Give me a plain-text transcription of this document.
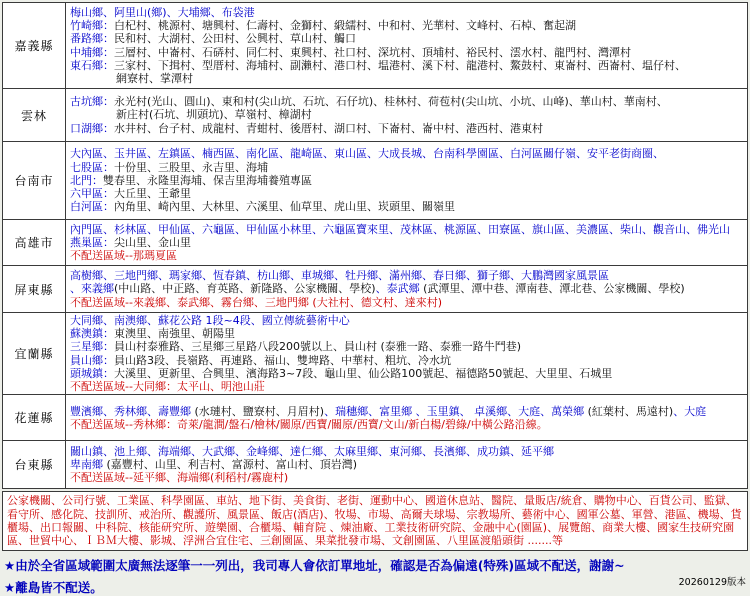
嘉義縣	
梅山鄉、阿里山(鄉)、大埔鄉、布袋港
竹崎鄉：白杞村、桃源村、塘興村、仁壽村、金獅村、緞繻村、中和村、光華村、文峰村、石棹、奮起湖
番路鄉：民和村、大湖村、公田村、公興村、草山村、觸口
中埔鄉：三層村、中崙村、石硦村、同仁村、東興村、社口村、深坑村、頂埔村、裕民村、澐水村、龍門村、灣潭村
東石鄉：三家村、下揖村、型厝村、海埔村、副瀨村、港口村、塭港村、溪下村、龍港村、鰲鼓村、東崙村、西崙村、塭仔村、
網寮村、掌潭村

雲林	古坑鄉：永光村(光山、圓山)、東和村(尖山坑、石坑、石仔坑)、桂林村、荷苞村(尖山坑、小坑、山峰)、華山村、華南村、
新庄村(石坑、圳頭坑)、草嶺村、樟湖村
口湖鄉：水井村、台子村、成龍村、青蚶村、後厝村、湖口村、下崙村、崙中村、港西村、港東村

台南市	大內區、玉井區、左鎮區、楠西區、南化區、龍崎區、東山區、大成長城、台南科學園區、白河區關仔嶺、安平老街商圈、
七股區：十份里、三股里、永吉里、海埔
北門：雙春里、永隆里海埔、保吉里海埔養殖專區
六甲區：大丘里、王爺里
白河區：內角里、崎內里、大林里、六溪里、仙草里、虎山里、崁頭里、關嶺里

高雄市	內門區、杉林區、甲仙區、六龜區、甲仙區小林里、六龜區寶來里、茂林區、桃源區、田寮區、旗山區、美濃區、柴山、觀音山、佛光山
燕巢區：尖山里、金山里
不配送區域--那瑪夏區

屏東縣	高樹鄉、三地門鄉、瑪家鄉、恆春鎮、枋山鄉、車城鄉、牡丹鄉、滿州鄉、春日鄉、獅子鄉、大鵬灣國家風景區
、來義鄉(中山路、中正路、育英路、新隆路、公家機關、學校)、泰武鄉 (武潭里、潭中巷、潭南巷、潭北巷、公家機關、學校)
不配送區域--來義鄉、泰武鄉、霧台鄉、三地門鄉 (大社村、德文村、達來村)

宜蘭縣	
大同鄉、南澳鄉、蘇花公路 1段~4段、國立傳統藝術中心
蘇澳鎮：東澳里、南強里、朝陽里
三星鄉：員山村泰雅路、三星鄉三星路八段200號以上、員山村 (泰雅一路、泰雅一路牛鬥巷)
員山鄉：員山路3段、長嶺路、再連路、福山、雙埤路、中華村、粗坑、冷水坑
頭城鎮：大溪里、更新里、合興里、濱海路3~7段、龜山里、仙公路100號起、福德路50號起、大里里、石城里
不配送區域--大同鄉：太平山、明池山莊

花蓮縣	豐濱鄉、秀林鄉、壽豐鄉 (水璉村、鹽寮村、月眉村)、瑞穗鄉、富里鄉 、玉里鎮、 卓溪鄉、大庭、萬榮鄉 (紅葉村、馬遠村)、大庭
不配送區域--秀林鄉：奇萊/龍澗/盤石/檜林/關原/西寶/關原/西寶/文山/新白楊/碧綠/中橫公路沿線。

台東縣	關山鎮、池上鄉、海端鄉、大武鄉、金峰鄉、達仁鄉、太麻里鄉、東河鄉、長濱鄉、成功鎮、延平鄉
卑南鄉 (嘉豐村、山里、利吉村、富源村、富山村、頂岩灣)
不配送區域--延平鄉、海端鄉(利稻村/霧鹿村)
公家機關、公司行號、工業區、科學園區、車站、地下街、美食街、老街、運動中心、國道休息站、醫院、量販店/統倉、購物中心、百貨公司、監獄、看守所、感化院、技訓所、戒治所、觀護所、風景區、飯店(酒店)、牧場、市場、高爾夫球場、宗教場所、藝術中心、國軍公墓、軍營、港區、機場、貨櫃場、出口報關、中科院、核能研究所、遊樂園、合櫃場、輔育院 、煉油廠、工業技術研究院、金融中心(園區)、展覽館、商業大樓、國家生技研究園區、世貿中心、ＩＢＭ大樓、影城、浮洲合宜住宅、三創園區、果菜批發市場、文創園區、八里區渡船頭街 .......等
★由於全省區域範圍太廣無法逐筆一一列出，我司專人會依訂單地址，確認是否為偏遠(特殊)區域不配送，謝謝~
★離島皆不配送。	20260129版本
